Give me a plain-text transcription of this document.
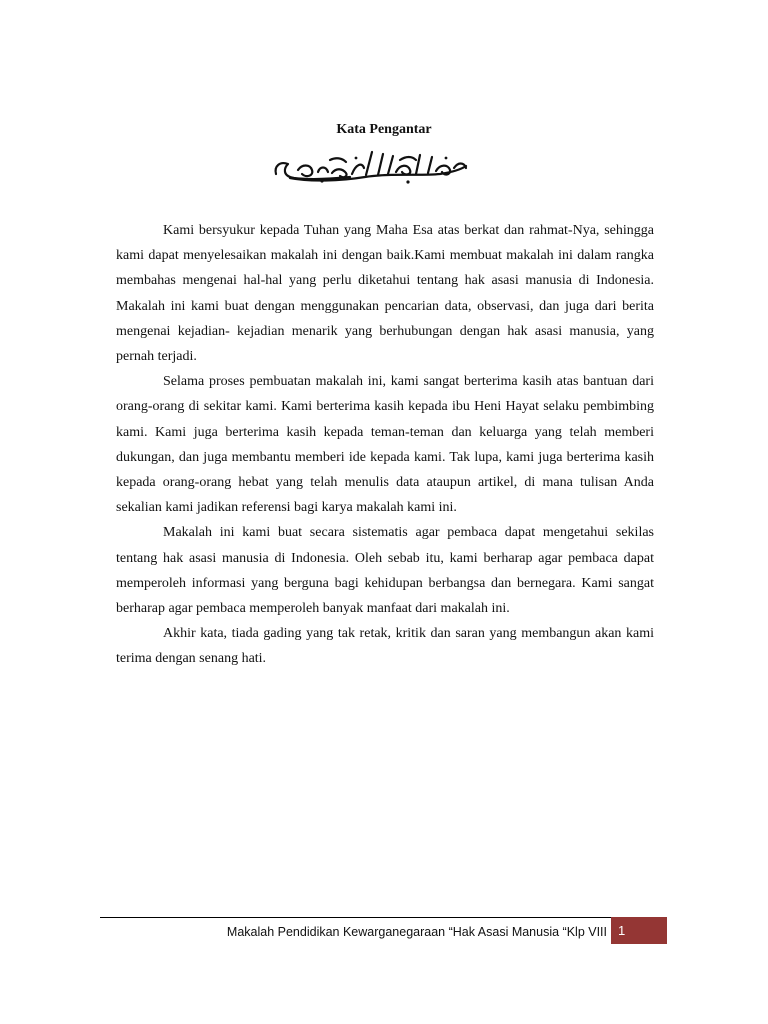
Kata Pengantar

Kami bersyukur kepada Tuhan yang Maha Esa atas berkat dan rahmat-Nya, sehingga kami dapat menyelesaikan makalah ini dengan baik.Kami membuat makalah ini dalam rangka membahas mengenai hal-hal yang perlu diketahui tentang hak asasi manusia di Indonesia. Makalah ini kami buat dengan menggunakan pencarian data, observasi, dan juga dari berita mengenai kejadian- kejadian menarik yang berhubungan dengan hak asasi manusia, yang pernah terjadi.

Selama proses pembuatan makalah ini, kami sangat berterima kasih atas bantuan dari orang-orang di sekitar kami. Kami berterima kasih kepada ibu Heni Hayat selaku pembimbing kami. Kami juga berterima kasih kepada teman-teman dan keluarga yang telah memberi dukungan, dan juga membantu memberi ide kepada kami. Tak lupa, kami juga berterima kasih kepada orang-orang hebat yang telah menulis data ataupun artikel, di mana tulisan Anda sekalian kami jadikan referensi bagi karya makalah kami ini.

Makalah ini kami buat secara sistematis agar pembaca dapat mengetahui sekilas tentang hak asasi manusia di Indonesia. Oleh sebab itu, kami berharap agar pembaca dapat memperoleh informasi yang berguna bagi kehidupan berbangsa dan bernegara. Kami sangat berharap agar pembaca memperoleh banyak manfaat dari makalah ini.

Akhir kata, tiada gading yang tak retak, kritik dan saran yang membangun akan kami terima dengan senang hati.

Makalah Pendidikan Kewarganegaraan “Hak Asasi Manusia “Klp VIII 1
